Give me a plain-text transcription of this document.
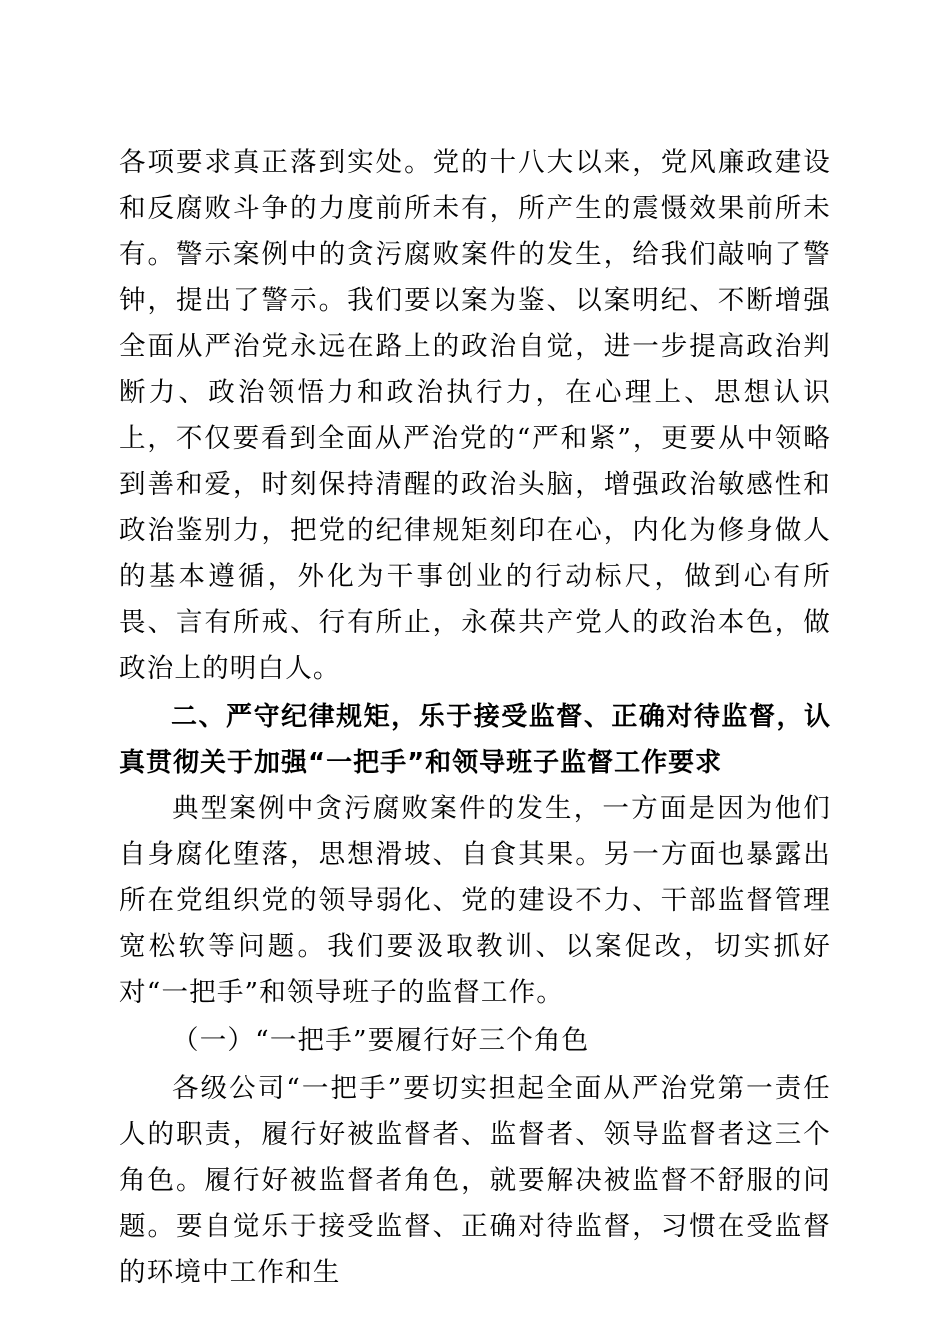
各项要求真正落到实处。党的十八大以来，党风廉政建设和反腐败斗争的力度前所未有，所产生的震慑效果前所未有。警示案例中的贪污腐败案件的发生，给我们敲响了警钟，提出了警示。我们要以案为鉴、以案明纪、不断增强全面从严治党永远在路上的政治自觉，进一步提高政治判断力、政治领悟力和政治执行力，在心理上、思想认识上，不仅要看到全面从严治党的“严和紧”，更要从中领略到善和爱，时刻保持清醒的政治头脑，增强政治敏感性和政治鉴别力，把党的纪律规矩刻印在心，内化为修身做人的基本遵循，外化为干事创业的行动标尺，做到心有所畏、言有所戒、行有所止，永葆共产党人的政治本色，做政治上的明白人。

二、严守纪律规矩，乐于接受监督、正确对待监督，认真贯彻关于加强“一把手”和领导班子监督工作要求

典型案例中贪污腐败案件的发生，一方面是因为他们自身腐化堕落，思想滑坡、自食其果。另一方面也暴露出所在党组织党的领导弱化、党的建设不力、干部监督管理宽松软等问题。我们要汲取教训、以案促改，切实抓好对“一把手”和领导班子的监督工作。

（一）“一把手”要履行好三个角色

各级公司“一把手”要切实担起全面从严治党第一责任人的职责，履行好被监督者、监督者、领导监督者这三个角色。履行好被监督者角色，就要解决被监督不舒服的问题。要自觉乐于接受监督、正确对待监督，习惯在受监督的环境中工作和生
